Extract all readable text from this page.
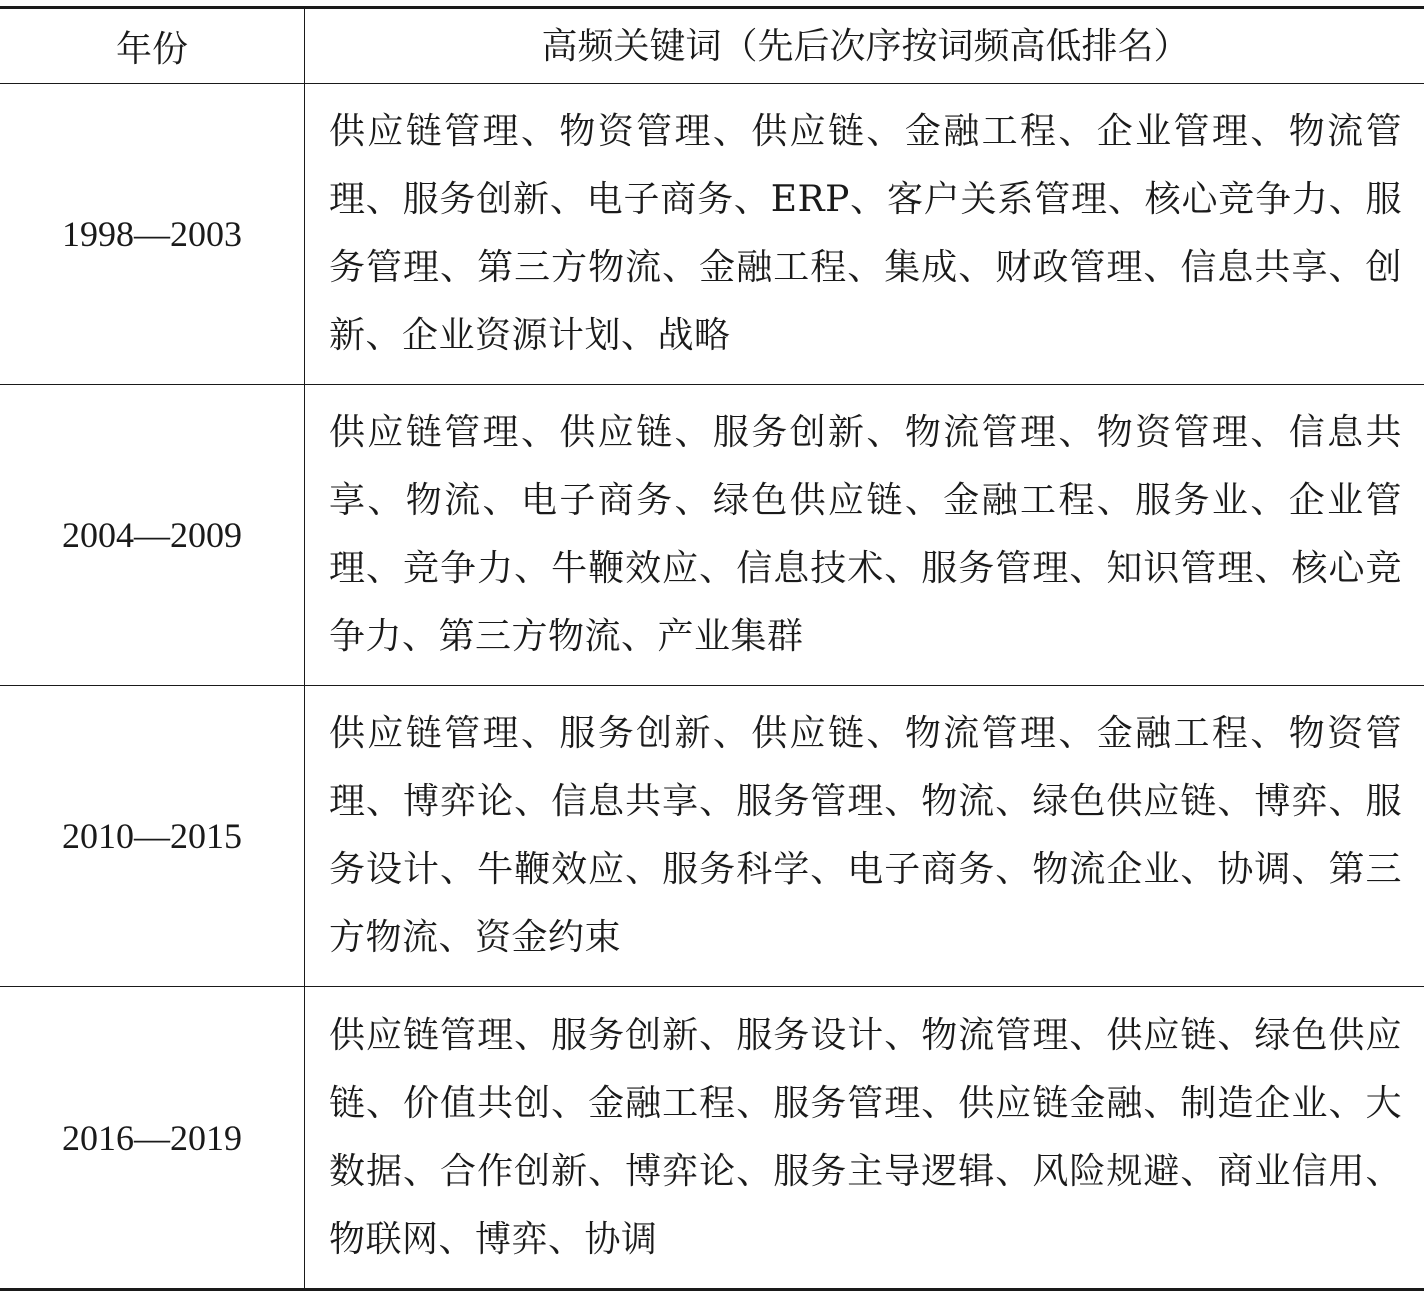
年份	高频关键词（先后次序按词频高低排名）
1998—2003
供应链管理、物资管理、供应链、金融工程、企业管理、物流管理、服务创新、电子商务、ERP、客户关系管理、核心竞争力、服务管理、第三方物流、金融工程、集成、财政管理、信息共享、创新、企业资源计划、战略
2004—2009
供应链管理、供应链、服务创新、物流管理、物资管理、信息共享、物流、电子商务、绿色供应链、金融工程、服务业、企业管理、竞争力、牛鞭效应、信息技术、服务管理、知识管理、核心竞争力、第三方物流、产业集群
2010—2015
供应链管理、服务创新、供应链、物流管理、金融工程、物资管理、博弈论、信息共享、服务管理、物流、绿色供应链、博弈、服务设计、牛鞭效应、服务科学、电子商务、物流企业、协调、第三方物流、资金约束
2016—2019
供应链管理、服务创新、服务设计、物流管理、供应链、绿色供应链、价值共创、金融工程、服务管理、供应链金融、制造企业、大数据、合作创新、博弈论、服务主导逻辑、风险规避、商业信用、物联网、博弈、协调
